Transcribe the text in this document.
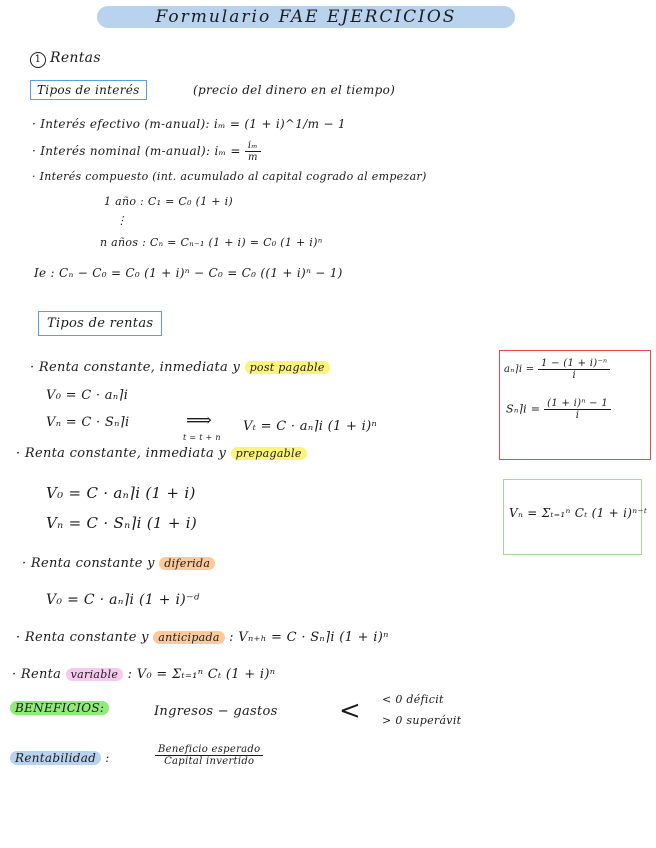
Formulario FAE EJERCICIOS
1 Rentas
Tipos de interés	(precio del dinero en el tiempo)
· Interés efectivo (m-anual): iₘ = (1 + i)^1/m − 1
· Interés nominal (m-anual): $i_m = \frac{\text{iₘ}}{m}$
· Interés compuesto (int. acumulado al capital cogrado al empezar)
1 año : C₁ = C₀ (1 + i)
⋮
n años : Cₙ = Cₙ₋₁ (1 + i) = C₀ (1 + i)ⁿ
Ie : Cₙ − C₀ = C₀ (1 + i)ⁿ − C₀ = C₀ ((1 + i)ⁿ − 1)
Tipos de rentas
· Renta constante, inmediata y post pagable
V₀ = C · aₙ⌉i
Vₙ = C · Sₙ⌉i	⟹
t = t + n
Vₜ = C · aₙ⌉i (1 + i)ⁿ
aₙ⌉i = $\frac{\text{1 − (1 + i)⁻ⁿ}}{i}$
Sₙ⌉i = $\frac{\text{(1 + i)ⁿ − 1}}{i}$
· Renta constante, inmediata y prepagable
V₀ = C · aₙ⌉i (1 + i)
Vₙ = C · Sₙ⌉i (1 + i)
Vₙ = Σₜ₌₁ⁿ Cₜ (1 + i)ⁿ⁻ᵗ
· Renta constante y diferida
V₀ = C · aₙ⌉i (1 + i)⁻ᵈ
· Renta constante y anticipada : Vₙ₊ₕ = C · Sₙ⌉i (1 + i)ⁿ
· Renta variable : V₀ = Σₜ₌₁ⁿ Cₜ (1 + i)ⁿ
BENEFICIOS:	Ingresos − gastos < < 0 déficit
> 0 superávit
Rentabilidad :	$\frac{\text{Beneficio esperado}}{\text{Capital invertido}}$
